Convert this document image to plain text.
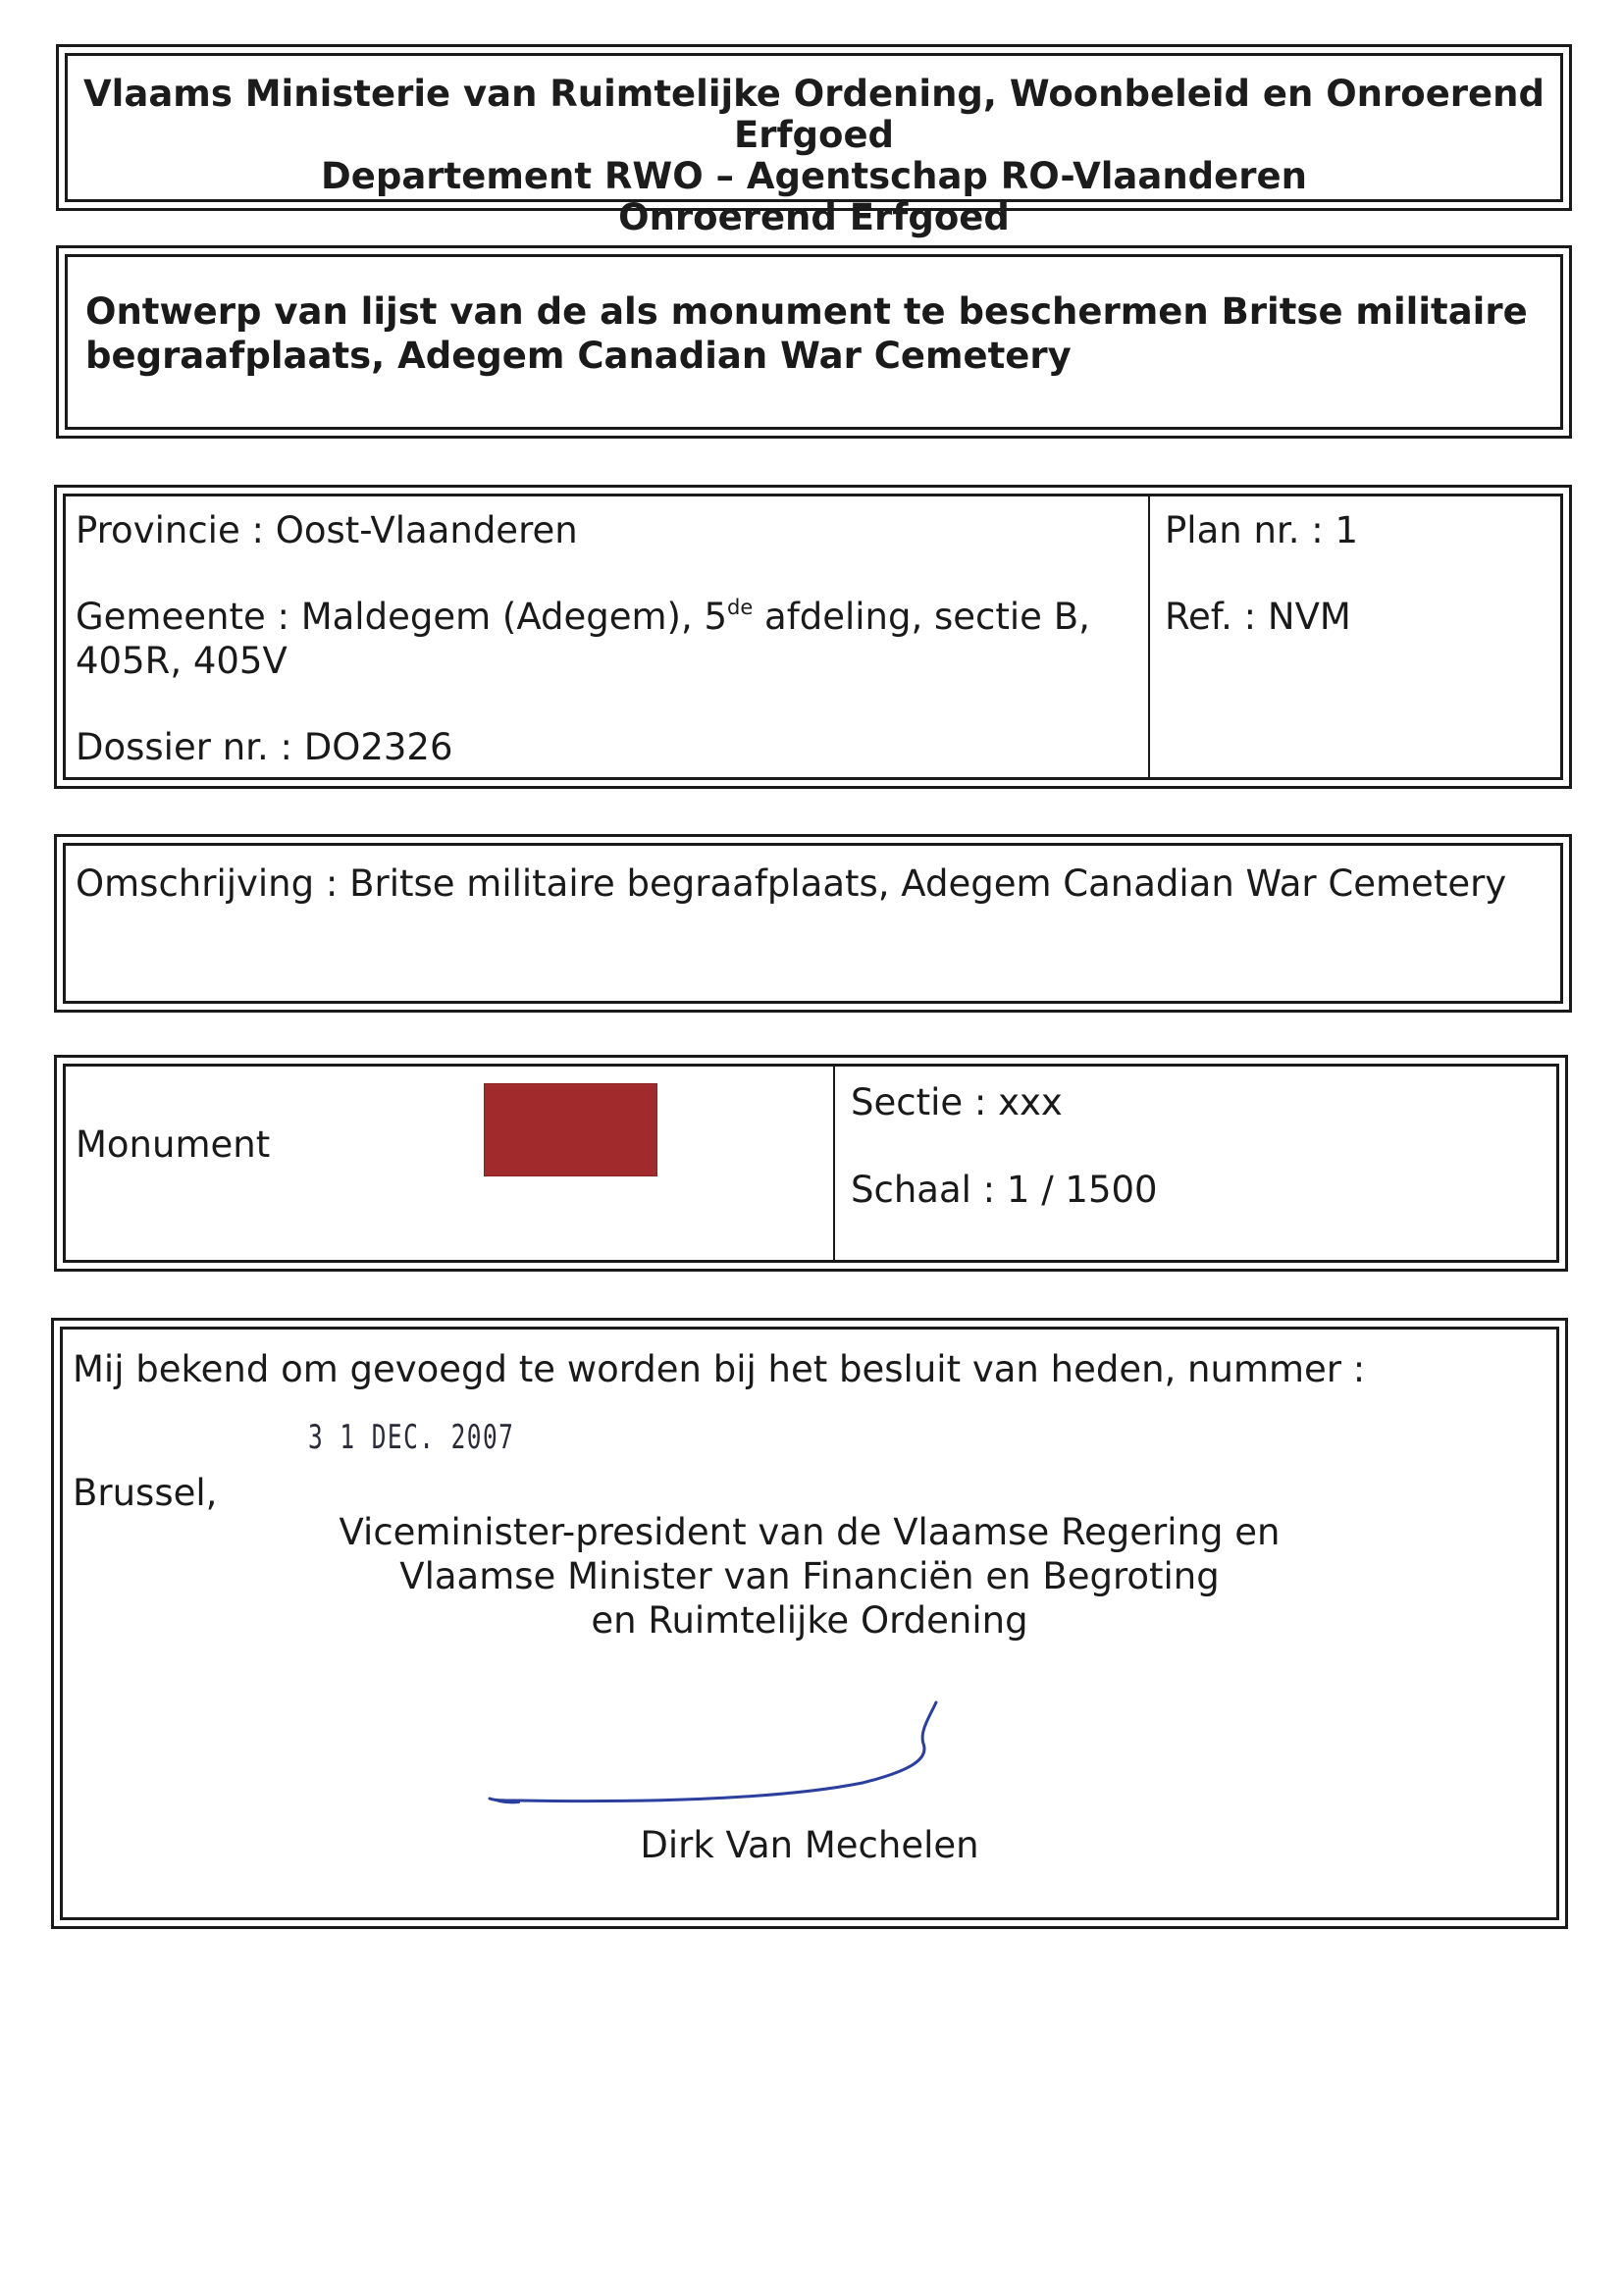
Vlaams Ministerie van Ruimtelijke Ordening, Woonbeleid en Onroerend Erfgoed
Departement RWO – Agentschap RO-Vlaanderen
Onroerend Erfgoed
Ontwerp van lijst van de als monument te beschermen Britse militaire
begraafplaats, Adegem Canadian War Cemetery
Provincie : Oost-Vlaanderen
Gemeente : Maldegem (Adegem), 5de afdeling, sectie B,
405R, 405V
Dossier nr. : DO2326
Plan nr. : 1
Ref. : NVM
Omschrijving : Britse militaire begraafplaats, Adegem Canadian War Cemetery
Monument
Sectie : xxx
Schaal : 1 / 1500
Mij bekend om gevoegd te worden bij het besluit van heden, nummer :
Brussel,
3 1 DEC. 2007
Viceminister-president van de Vlaamse Regering en
Vlaamse Minister van Financiën en Begroting
en Ruimtelijke Ordening
Dirk Van Mechelen
